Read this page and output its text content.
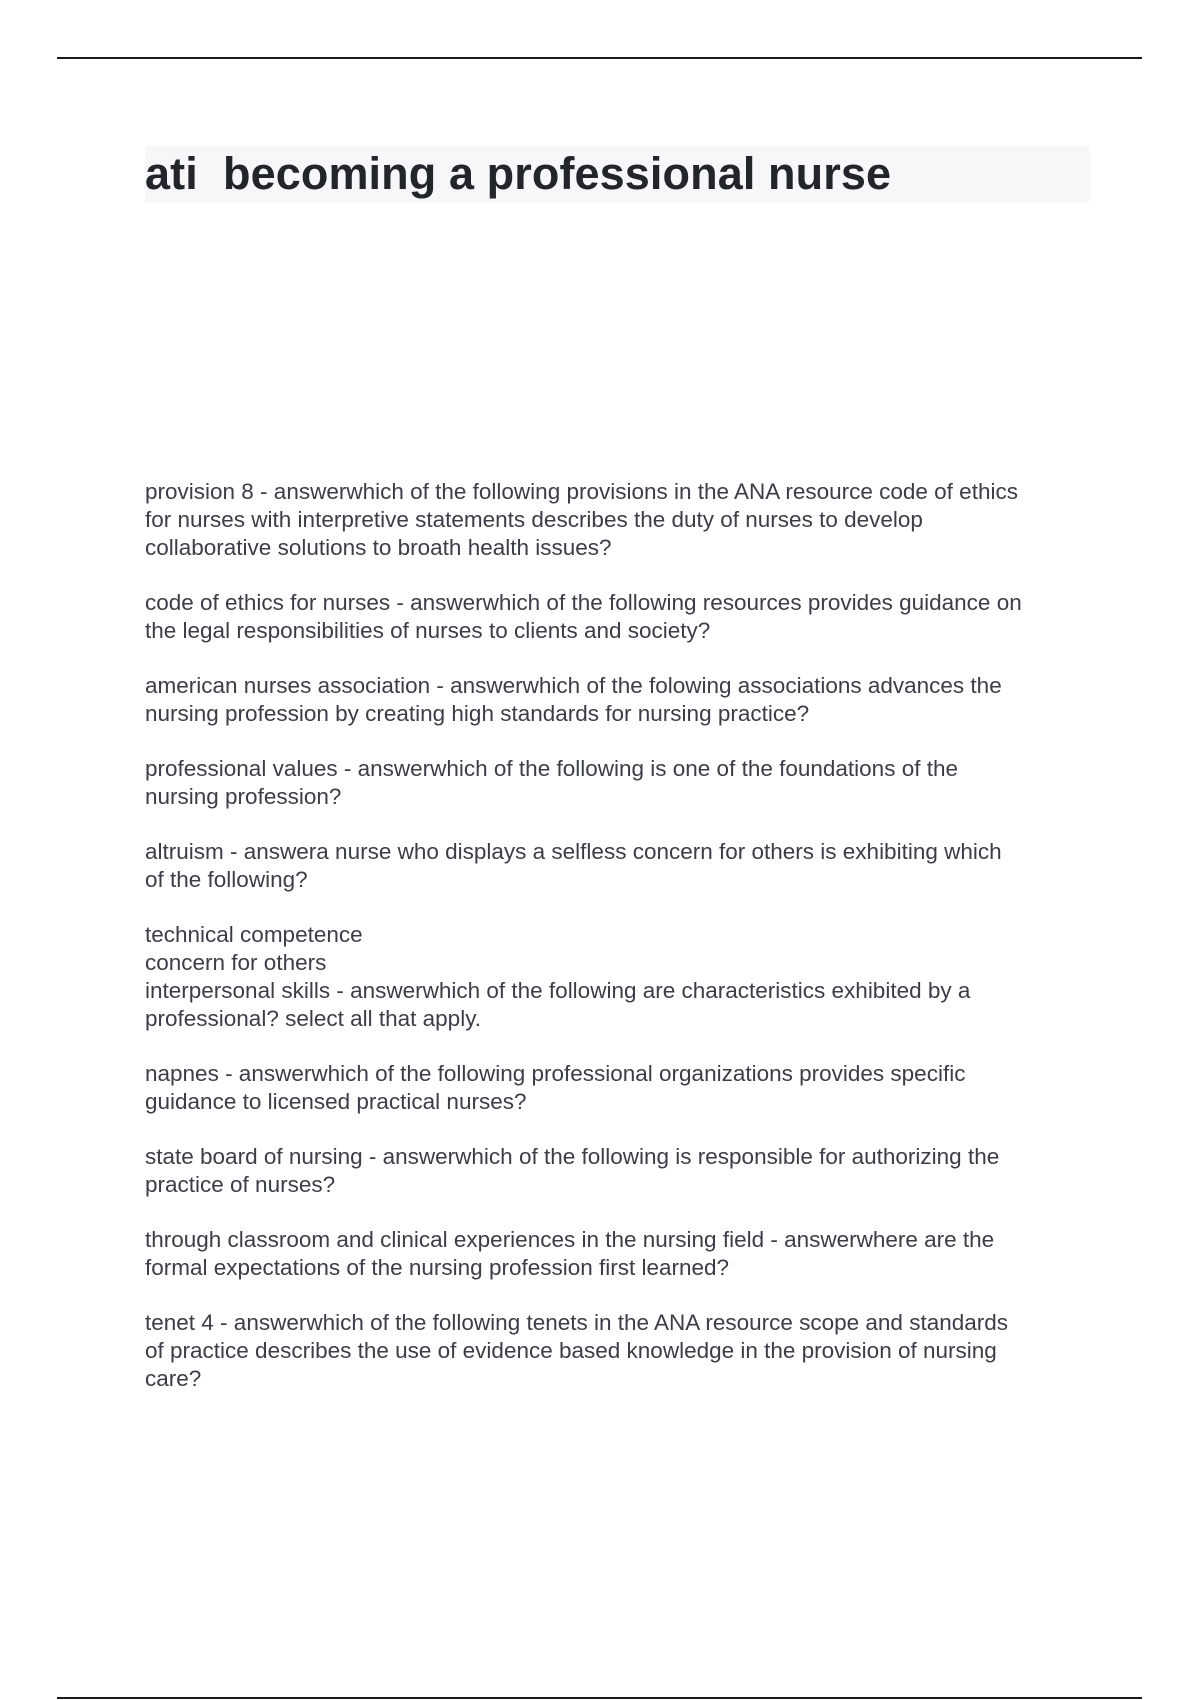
ati  becoming a professional nurse

provision 8 - answerwhich of the following provisions in the ANA resource code of ethics
for nurses with interpretive statements describes the duty of nurses to develop
collaborative solutions to broath health issues?

code of ethics for nurses - answerwhich of the following resources provides guidance on
the legal responsibilities of nurses to clients and society?

american nurses association - answerwhich of the folowing associations advances the
nursing profession by creating high standards for nursing practice?

professional values - answerwhich of the following is one of the foundations of the
nursing profession?

altruism - answera nurse who displays a selfless concern for others is exhibiting which
of the following?

technical competence
concern for others
interpersonal skills - answerwhich of the following are characteristics exhibited by a
professional? select all that apply.

napnes - answerwhich of the following professional organizations provides specific
guidance to licensed practical nurses?

state board of nursing - answerwhich of the following is responsible for authorizing the
practice of nurses?

through classroom and clinical experiences in the nursing field - answerwhere are the
formal expectations of the nursing profession first learned?

tenet 4 - answerwhich of the following tenets in the ANA resource scope and standards
of practice describes the use of evidence based knowledge in the provision of nursing
care?
